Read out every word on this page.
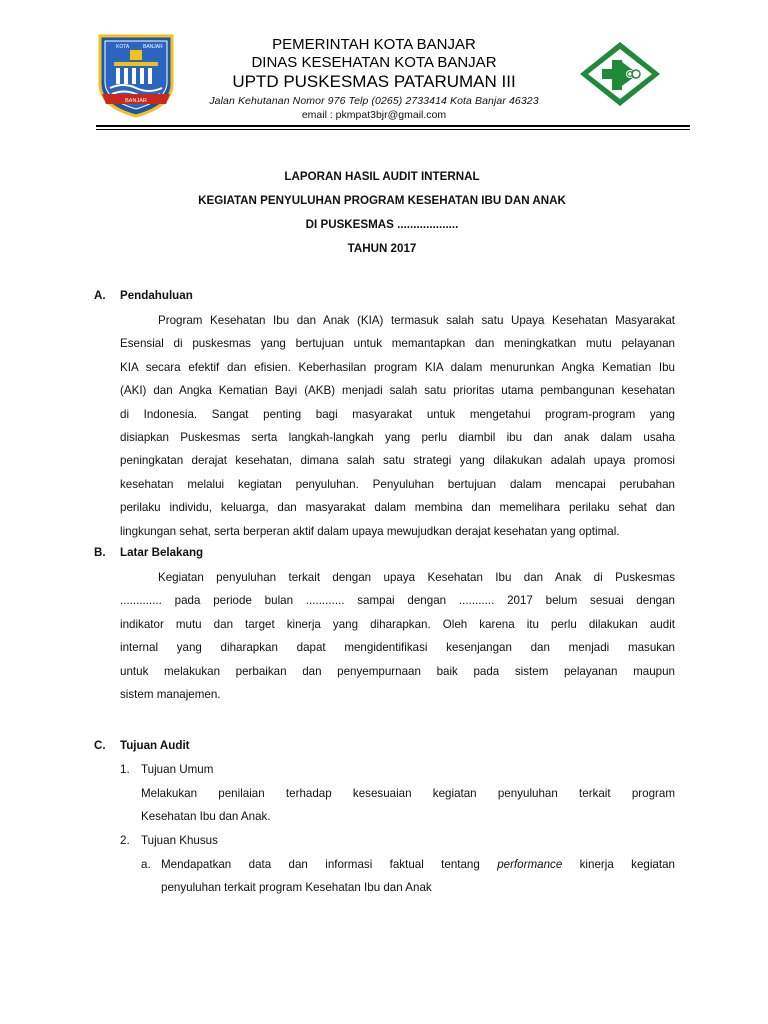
KOTA	BANJAR
BANJAR
PEMERINTAH KOTA BANJAR
DINAS KESEHATAN KOTA BANJAR
UPTD PUSKESMAS PATARUMAN III
Jalan Kehutanan Nomor 976 Telp (0265) 2733414 Kota Banjar 46323
email : pkmpat3bjr@gmail.com
LAPORAN HASIL AUDIT INTERNAL
KEGIATAN PENYULUHAN PROGRAM KESEHATAN IBU DAN ANAK
DI PUSKESMAS ...................
TAHUN 2017
A. Pendahuluan
Program Kesehatan Ibu dan Anak (KIA) termasuk salah satu Upaya Kesehatan Masyarakat
Esensial di puskesmas yang bertujuan untuk memantapkan dan meningkatkan mutu pelayanan
KIA secara efektif dan efisien. Keberhasilan program KIA dalam menurunkan Angka Kematian Ibu
(AKI) dan Angka Kematian Bayi (AKB) menjadi salah satu prioritas utama pembangunan kesehatan
di Indonesia. Sangat penting bagi masyarakat untuk mengetahui program-program yang
disiapkan Puskesmas serta langkah-langkah yang perlu diambil ibu dan anak dalam usaha
peningkatan derajat kesehatan, dimana salah satu strategi yang dilakukan adalah upaya promosi
kesehatan melalui kegiatan penyuluhan. Penyuluhan bertujuan dalam mencapai perubahan
perilaku individu, keluarga, dan masyarakat dalam membina dan memelihara perilaku sehat dan
lingkungan sehat, serta berperan aktif dalam upaya mewujudkan derajat kesehatan yang optimal.
B. Latar Belakang
Kegiatan penyuluhan terkait dengan upaya Kesehatan Ibu dan Anak di Puskesmas
............. pada periode bulan ............ sampai dengan ........... 2017 belum sesuai dengan
indikator mutu dan target kinerja yang diharapkan. Oleh karena itu perlu dilakukan audit
internal yang diharapkan dapat mengidentifikasi kesenjangan dan menjadi masukan
untuk melakukan perbaikan dan penyempurnaan baik pada sistem pelayanan maupun
sistem manajemen.
C. Tujuan Audit
1. Tujuan Umum
Melakukan penilaian terhadap kesesuaian kegiatan penyuluhan terkait program
Kesehatan Ibu dan Anak.
2. Tujuan Khusus
a. Mendapatkan data dan informasi faktual tentang performance kinerja kegiatan
penyuluhan terkait program Kesehatan Ibu dan Anak
